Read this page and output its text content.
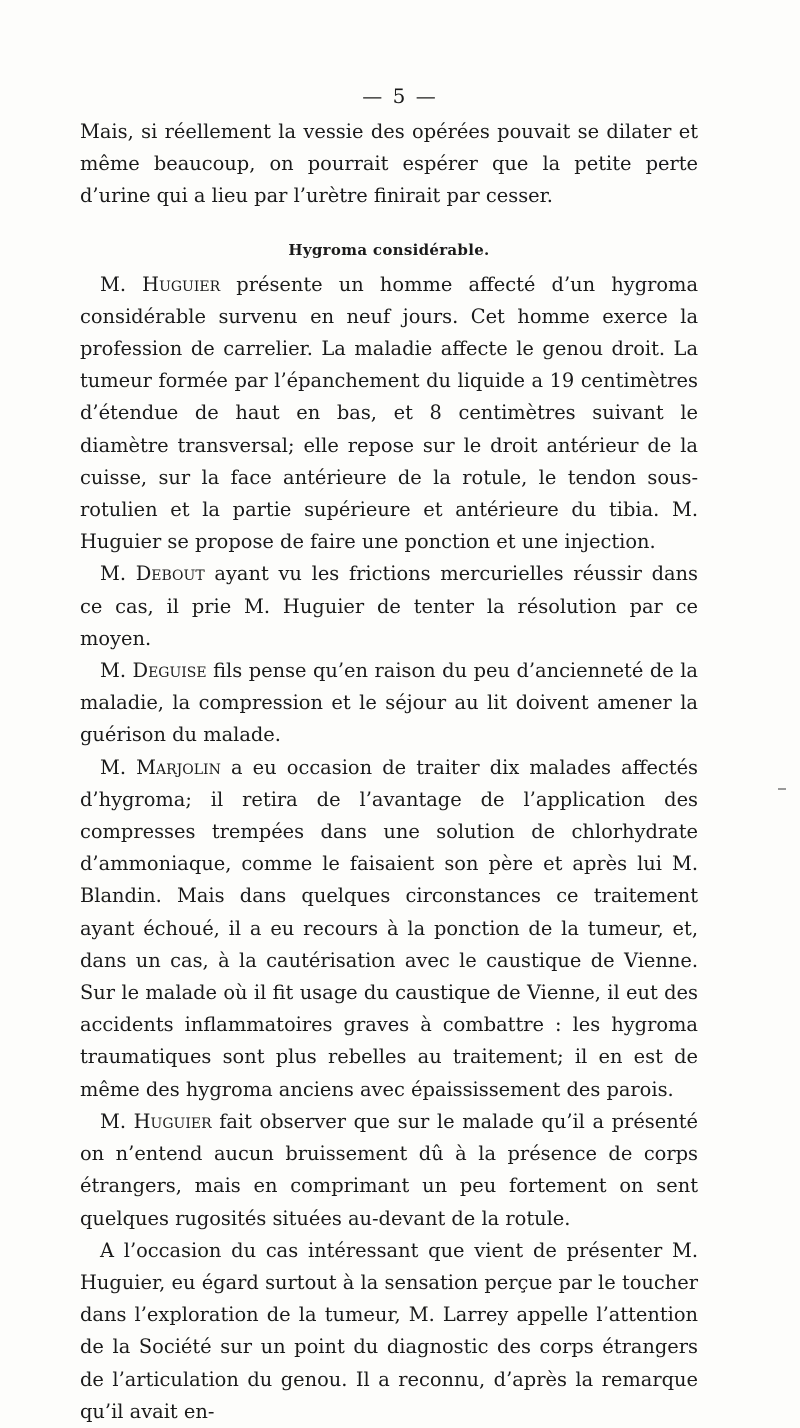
— 5 —

Mais, si réellement la vessie des opérées pouvait se dilater et même beaucoup, on pourrait espérer que la petite perte d’urine qui a lieu par l’urètre finirait par cesser.

Hygroma considérable.

M. Huguier présente un homme affecté d’un hygroma considérable survenu en neuf jours. Cet homme exerce la profession de carrelier. La maladie affecte le genou droit. La tumeur formée par l’épanchement du liquide a 19 centimètres d’étendue de haut en bas, et 8 centimètres suivant le diamètre transversal; elle repose sur le droit antérieur de la cuisse, sur la face antérieure de la rotule, le tendon sous-rotulien et la partie supérieure et antérieure du tibia. M. Huguier se propose de faire une ponction et une injection.

M. Debout ayant vu les frictions mercurielles réussir dans ce cas, il prie M. Huguier de tenter la résolution par ce moyen.

M. Deguise fils pense qu’en raison du peu d’ancienneté de la maladie, la compression et le séjour au lit doivent amener la guérison du malade.

M. Marjolin a eu occasion de traiter dix malades affectés d’hygroma; il retira de l’avantage de l’application des compresses trempées dans une solution de chlorhydrate d’ammoniaque, comme le faisaient son père et après lui M. Blandin. Mais dans quelques circonstances ce traitement ayant échoué, il a eu recours à la ponction de la tumeur, et, dans un cas, à la cautérisation avec le caustique de Vienne. Sur le malade où il fit usage du caustique de Vienne, il eut des accidents inflammatoires graves à combattre : les hygroma traumatiques sont plus rebelles au traitement; il en est de même des hygroma anciens avec épaississement des parois.

M. Huguier fait observer que sur le malade qu’il a présenté on n’entend aucun bruissement dû à la présence de corps étrangers, mais en comprimant un peu fortement on sent quelques rugosités situées au-devant de la rotule.

A l’occasion du cas intéressant que vient de présenter M. Huguier, eu égard surtout à la sensation perçue par le toucher dans l’exploration de la tumeur, M. Larrey appelle l’attention de la Société sur un point du diagnostic des corps étrangers de l’articulation du genou. Il a reconnu, d’après la remarque qu’il avait en-
